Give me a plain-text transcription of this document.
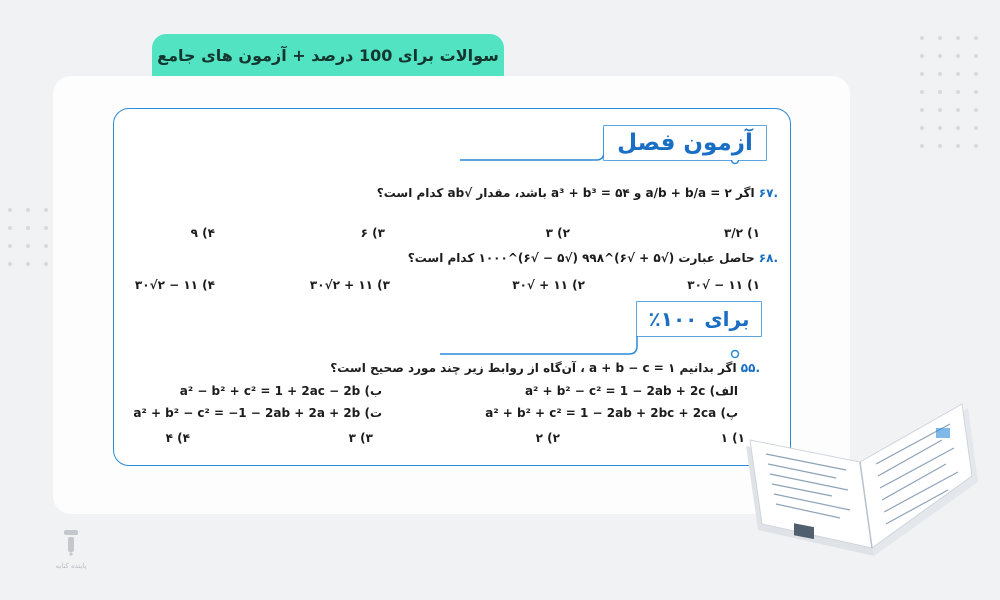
سوالات برای 100 درصد + آزمون های جامع
آزمون فصل
برای ۱۰۰٪
.۶۷ اگر ۲ = a/b + b/a و a³ + b³ = ۵۴ باشد، مقدار √ab کدام است؟
۱) ۳/۲
۲) ۳
۳) ۶
۴) ۹
.۶۸ حاصل عبارت (√۵ + √۶)^۹۹۸ (√۵ − √۶)^۱۰۰۰ کدام است؟
۱) ۱۱ − √۳۰
۲) ۱۱ + √۳۰
۳) ۱۱ + ۲√۳۰
۴) ۱۱ − ۲√۳۰
.۵۵ اگر بدانیم ۱ = a + b − c ، آن‌گاه از روابط زیر چند مورد صحیح است؟
الف) a² + b² − c² = 1 − 2ab + 2c
ب) a² − b² + c² = 1 + 2ac − 2b
پ) a² + b² + c² = 1 − 2ab + 2bc + 2ca
ت) a² + b² − c² = −1 − 2ab + 2a + 2b
۱) ۱
۲) ۲
۳) ۳
۴) ۴
پاینده کتابه
